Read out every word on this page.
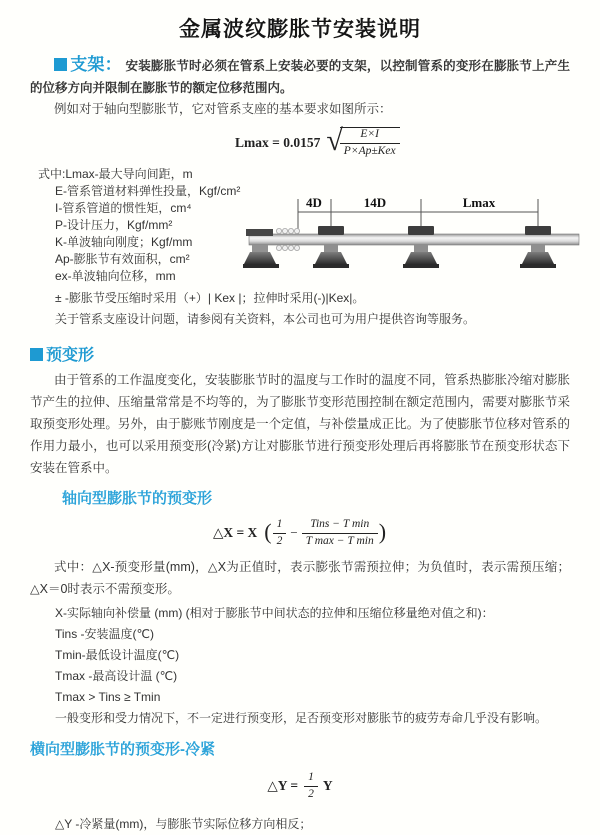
金属波纹膨胀节安装说明

支架： 安装膨胀节时必须在管系上安装必要的支架，以控制管系的变形在膨胀节上产生的位移方向并限制在膨胀节的额定位移范围内。

例如对于轴向型膨胀节，它对管系支座的基本要求如图所示：

Lmax = 0.0157 √
$\frac{E\times I}{\text{P×Ap±Kex}}$
式中:Lmax-最大导向间距，m
E-管系管道材料弹性投量，Kgf/cm²
I-管系管道的惯性矩，cm⁴
P-设计压力，Kgf/mm²
K-单波轴向刚度；Kgf/mm
Ap-膨胀节有效面积，cm²
ex-单波轴向位移，mm
± -膨胀节受压缩时采用（+）| Kex |；拉伸时采用(-)|Kex|。
关于管系支座设计问题，请参阅有关资料，本公司也可为用户提供咨询等服务。
4D	14D	Lmax

预变形

由于管系的工作温度变化，安装膨胀节时的温度与工作时的温度不同，管系热膨胀冷缩对膨胀节产生的拉伸、压缩量常常是不均等的，为了膨胀节变形范围控制在额定范围内，需要对膨胀节采取预变形处理。另外，由于膨账节刚度是一个定值，与补偿量成正比。为了使膨胀节位移对管系的作用力最小，也可以采用预变形(冷紧)方让对膨胀节进行预变形处理后再将膨胀节在预变形状态下安装在管系中。

轴向型膨胀节的预变形

△X = X ( $\frac{1}{2} - \frac{\text{Tins − T min}}{\text{T max − T min}}$ )

式中：△X-预变形量(mm)，△X为正值时，表示膨张节需预拉伸；为负值时，表示需预压缩；△X＝0时表示不需预变形。

X-实际轴向补偿量 (mm) (相对于膨胀节中间状态的拉伸和压缩位移量绝对值之和)：
Tins -安装温度(℃)
Tmin-最低设计温度(℃)
Tmax -最高设计温 (℃)
Tmax > Tins ≥ Tmin
一般变形和受力情况下，不一定进行预变形，足否预变形对膨胀节的疲劳寿命几乎没有影响。

横向型膨胀节的预变形-冷紧

△Y = $\frac{1}{2}$ Y
△Y -冷紧量(mm)，与膨胀节实际位移方向相反；
